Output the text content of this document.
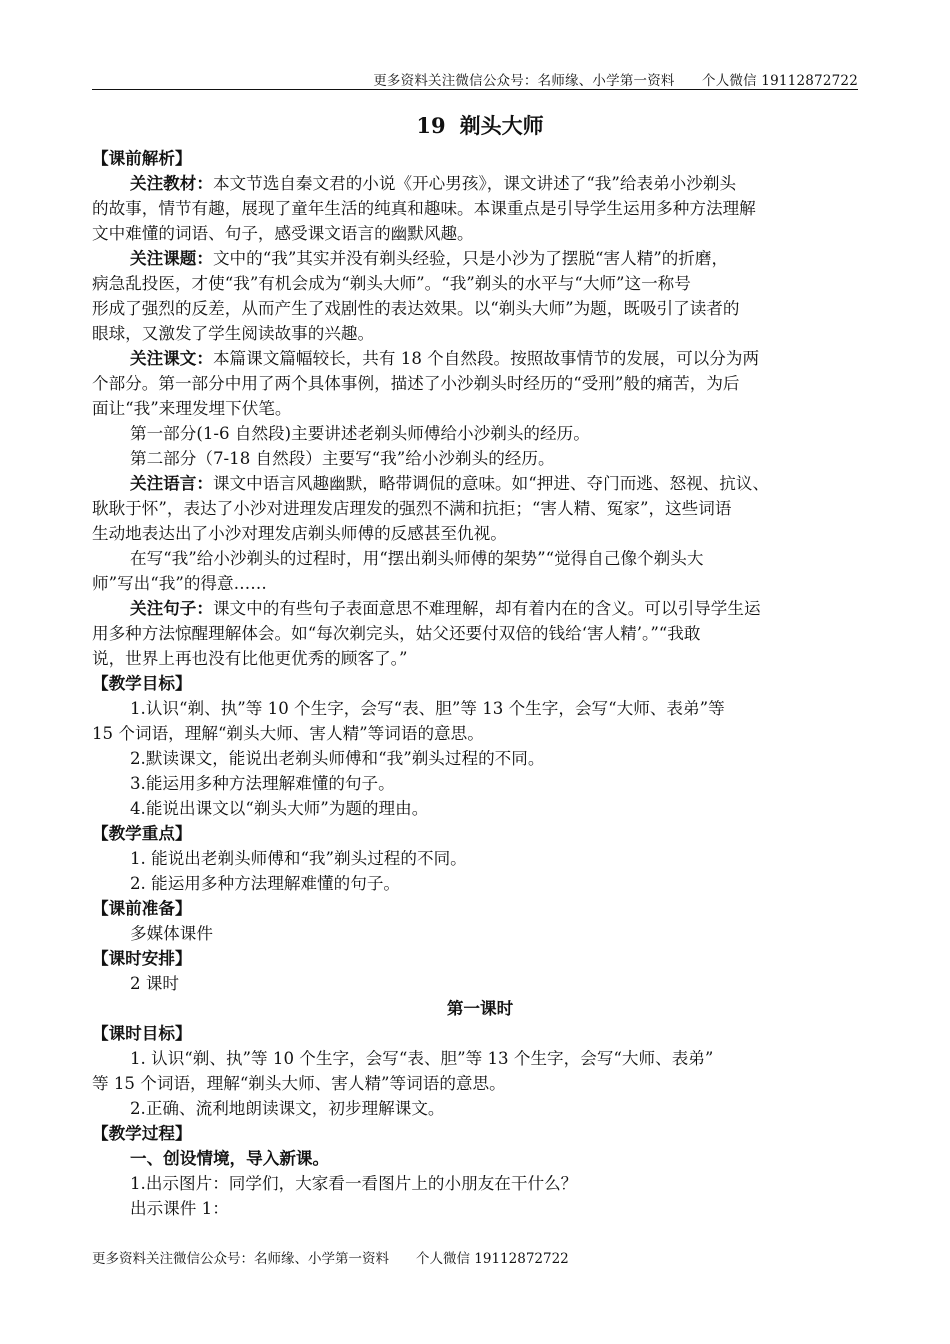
更多资料关注微信公众号：名师缘、小学第一资料　　个人微信 19112872722
19 剃头大师
【课前解析】
关注教材：本文节选自秦文君的小说《开心男孩》，课文讲述了“我”给表弟小沙剃头
的故事，情节有趣，展现了童年生活的纯真和趣味。本课重点是引导学生运用多种方法理解
文中难懂的词语、句子，感受课文语言的幽默风趣。
关注课题：文中的“我”其实并没有剃头经验，只是小沙为了摆脱“害人精”的折磨，
病急乱投医，才使“我”有机会成为“剃头大师”。“我”剃头的水平与“大师”这一称号
形成了强烈的反差，从而产生了戏剧性的表达效果。以“剃头大师”为题，既吸引了读者的
眼球，又激发了学生阅读故事的兴趣。
关注课文：本篇课文篇幅较长，共有 18 个自然段。按照故事情节的发展，可以分为两
个部分。第一部分中用了两个具体事例，描述了小沙剃头时经历的“受刑”般的痛苦，为后
面让“我”来理发埋下伏笔。
第一部分(1-6 自然段)主要讲述老剃头师傅给小沙剃头的经历。
第二部分（7-18 自然段）主要写“我”给小沙剃头的经历。
关注语言：课文中语言风趣幽默，略带调侃的意味。如“押进、夺门而逃、怒视、抗议、
耿耿于怀”，表达了小沙对进理发店理发的强烈不满和抗拒；“害人精、冤家”，这些词语
生动地表达出了小沙对理发店剃头师傅的反感甚至仇视。
在写“我”给小沙剃头的过程时，用“摆出剃头师傅的架势”“觉得自己像个剃头大
师”写出“我”的得意……
关注句子：课文中的有些句子表面意思不难理解，却有着内在的含义。可以引导学生运
用多种方法惊醒理解体会。如“每次剃完头，姑父还要付双倍的钱给‘害人精’。”“我敢
说，世界上再也没有比他更优秀的顾客了。”
【教学目标】
1.认识“剃、执”等 10 个生字，会写“表、胆”等 13 个生字，会写“大师、表弟”等
15 个词语，理解“剃头大师、害人精”等词语的意思。
2.默读课文，能说出老剃头师傅和“我”剃头过程的不同。
3.能运用多种方法理解难懂的句子。
4.能说出课文以“剃头大师”为题的理由。
【教学重点】
1. 能说出老剃头师傅和“我”剃头过程的不同。
2. 能运用多种方法理解难懂的句子。
【课前准备】
多媒体课件
【课时安排】
2 课时
第一课时
【课时目标】
1. 认识“剃、执”等 10 个生字，会写“表、胆”等 13 个生字，会写“大师、表弟”
等 15 个词语，理解“剃头大师、害人精”等词语的意思。
2.正确、流利地朗读课文，初步理解课文。
【教学过程】
一、创设情境，导入新课。
1.出示图片：同学们，大家看一看图片上的小朋友在干什么？
出示课件 1：
更多资料关注微信公众号：名师缘、小学第一资料　　个人微信 19112872722
